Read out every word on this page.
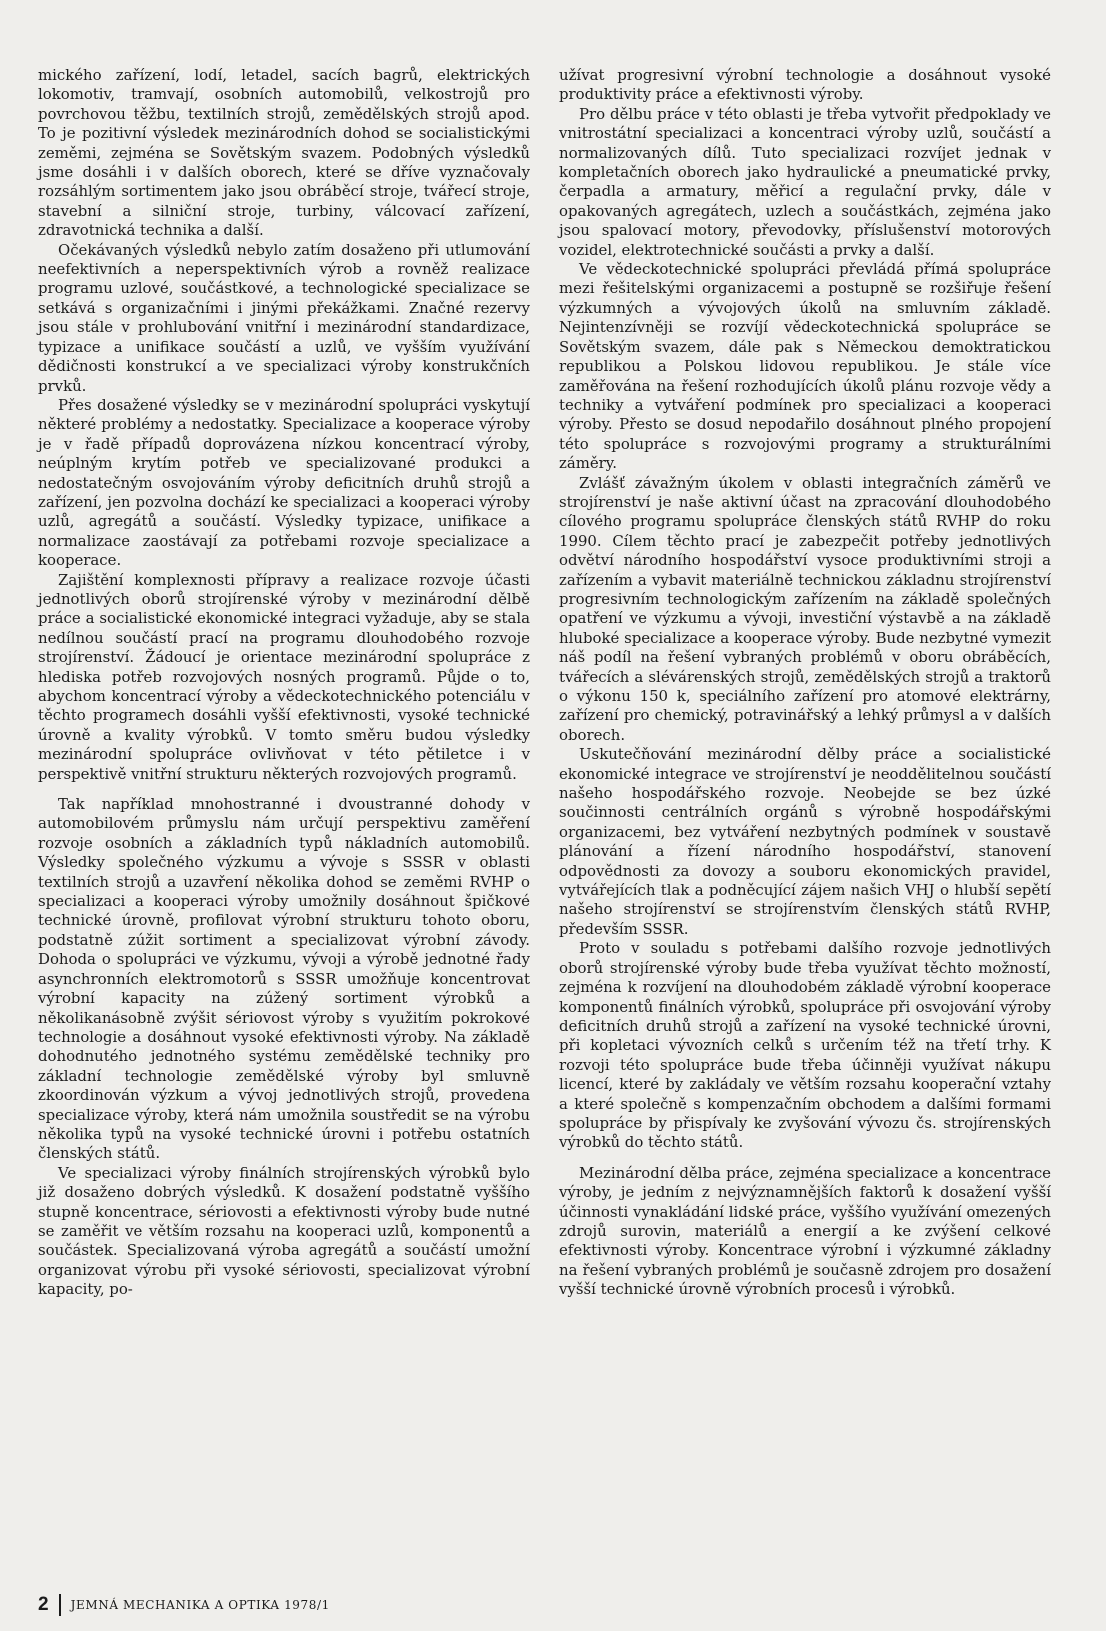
mického zařízení, lodí, letadel, sacích bagrů, elektrických lokomotiv, tramvají, osobních automobilů, velkostrojů pro povrchovou těžbu, textilních strojů, zemědělských strojů apod. To je pozitivní výsledek mezinárodních dohod se socialistickými zeměmi, zejména se Sovětským svazem. Podobných výsledků jsme dosáhli i v dalších oborech, které se dříve vyznačovaly rozsáhlým sortimentem jako jsou obráběcí stroje, tvářecí stroje, stavební a silniční stroje, turbiny, válcovací zařízení, zdravotnická technika a další.

Očekávaných výsledků nebylo zatím dosaženo při utlumování neefektivních a neperspektivních výrob a rovněž realizace programu uzlové, součástkové, a technologické specializace se setkává s organizačními i jinými překážkami. Značné rezervy jsou stále v prohlubování vnitřní i mezinárodní standardizace, typizace a unifikace součástí a uzlů, ve vyšším využívání dědičnosti konstrukcí a ve specializaci výroby konstrukčních prvků.

Přes dosažené výsledky se v mezinárodní spolupráci vyskytují některé problémy a nedostatky. Specializace a kooperace výroby je v řadě případů doprovázena nízkou koncentrací výroby, neúplným krytím potřeb ve specializované produkci a nedostatečným osvojováním výroby deficitních druhů strojů a zařízení, jen pozvolna dochází ke specializaci a kooperaci výroby uzlů, agregátů a součástí. Výsledky typizace, unifikace a normalizace zaostávají za potřebami rozvoje specializace a kooperace.

Zajištění komplexnosti přípravy a realizace rozvoje účasti jednotlivých oborů strojírenské výroby v mezinárodní dělbě práce a socialistické ekonomické integraci vyžaduje, aby se stala nedílnou součástí prací na programu dlouhodobého rozvoje strojírenství. Žádoucí je orientace mezinárodní spolupráce z hlediska potřeb rozvojových nosných programů. Půjde o to, abychom koncentrací výroby a vědeckotechnického potenciálu v těchto programech dosáhli vyšší efektivnosti, vysoké technické úrovně a kvality výrobků. V tomto směru budou výsledky mezinárodní spolupráce ovlivňovat v této pětiletce i v perspektivě vnitřní strukturu některých rozvojových programů.

Tak například mnohostranné i dvoustranné dohody v automobilovém průmyslu nám určují perspektivu zaměření rozvoje osobních a základních typů nákladních automobilů. Výsledky společného výzkumu a vývoje s SSSR v oblasti textilních strojů a uzavření několika dohod se zeměmi RVHP o specializaci a kooperaci výroby umožnily dosáhnout špičkové technické úrovně, profilovat výrobní strukturu tohoto oboru, podstatně zúžit sortiment a specializovat výrobní závody. Dohoda o spolupráci ve výzkumu, vývoji a výrobě jednotné řady asynchronních elektromotorů s SSSR umožňuje koncentrovat výrobní kapacity na zúžený sortiment výrobků a několikanásobně zvýšit sériovost výroby s využitím pokrokové technologie a dosáhnout vysoké efektivnosti výroby. Na základě dohodnutého jednotného systému zemědělské techniky pro základní technologie zemědělské výroby byl smluvně zkoordinován výzkum a vývoj jednotlivých strojů, provedena specializace výroby, která nám umožnila soustředit se na výrobu několika typů na vysoké technické úrovni i potřebu ostatních členských států.

Ve specializaci výroby finálních strojírenských výrobků bylo již dosaženo dobrých výsledků. K dosažení podstatně vyššího stupně koncentrace, sériovosti a efektivnosti výroby bude nutné se zaměřit ve větším rozsahu na kooperaci uzlů, komponentů a součástek. Specializovaná výroba agregátů a součástí umožní organizovat výrobu při vysoké sériovosti, specializovat výrobní kapacity, po-

užívat progresivní výrobní technologie a dosáhnout vysoké produktivity práce a efektivnosti výroby.

Pro dělbu práce v této oblasti je třeba vytvořit předpoklady ve vnitrostátní specializaci a koncentraci výroby uzlů, součástí a normalizovaných dílů. Tuto specializaci rozvíjet jednak v kompletačních oborech jako hydraulické a pneumatické prvky, čerpadla a armatury, měřicí a regulační prvky, dále v opakovaných agregátech, uzlech a součástkách, zejména jako jsou spalovací motory, převodovky, příslušenství motorových vozidel, elektrotechnické součásti a prvky a další.

Ve vědeckotechnické spolupráci převládá přímá spolupráce mezi řešitelskými organizacemi a postupně se rozšiřuje řešení výzkumných a vývojových úkolů na smluvním základě. Nejintenzívněji se rozvíjí vědeckotechnická spolupráce se Sovětským svazem, dále pak s Německou demoktratickou republikou a Polskou lidovou republikou. Je stále více zaměřována na řešení rozhodujících úkolů plánu rozvoje vědy a techniky a vytváření podmínek pro specializaci a kooperaci výroby. Přesto se dosud nepodařilo dosáhnout plného propojení této spolupráce s rozvojovými programy a strukturálními záměry.

Zvlášť závažným úkolem v oblasti integračních záměrů ve strojírenství je naše aktivní účast na zpracování dlouhodobého cílového programu spolupráce členských států RVHP do roku 1990. Cílem těchto prací je zabezpečit potřeby jednotlivých odvětví národního hospodářství vysoce produktivními stroji a zařízením a vybavit materiálně technickou základnu strojírenství progresivním technologickým zařízením na základě společných opatření ve výzkumu a vývoji, investiční výstavbě a na základě hluboké specializace a kooperace výroby. Bude nezbytné vymezit náš podíl na řešení vybraných problémů v oboru obráběcích, tvářecích a slévárenských strojů, zemědělských strojů a traktorů o výkonu 150 k, speciálního zařízení pro atomové elektrárny, zařízení pro chemický, potravinářský a lehký průmysl a v dalších oborech.

Uskutečňování mezinárodní dělby práce a socialistické ekonomické integrace ve strojírenství je neoddělitelnou součástí našeho hospodářského rozvoje. Neobejde se bez úzké součinnosti centrálních orgánů s výrobně hospodářskými organizacemi, bez vytváření nezbytných podmínek v soustavě plánování a řízení národního hospodářství, stanovení odpovědnosti za dovozy a souboru ekonomických pravidel, vytvářejících tlak a podněcující zájem našich VHJ o hlubší sepětí našeho strojírenství se strojírenstvím členských států RVHP, především SSSR.

Proto v souladu s potřebami dalšího rozvoje jednotlivých oborů strojírenské výroby bude třeba využívat těchto možností, zejména k rozvíjení na dlouhodobém základě výrobní kooperace komponentů finálních výrobků, spolupráce při osvojování výroby deficitních druhů strojů a zařízení na vysoké technické úrovni, při kopletaci vývozních celků s určením též na třetí trhy. K rozvoji této spolupráce bude třeba účinněji využívat nákupu licencí, které by zakládaly ve větším rozsahu kooperační vztahy a které společně s kompenzačním obchodem a dalšími formami spolupráce by přispívaly ke zvyšování vývozu čs. strojírenských výrobků do těchto států.

Mezinárodní dělba práce, zejména specializace a koncentrace výroby, je jedním z nejvýznamnějších faktorů k dosažení vyšší účinnosti vynakládání lidské práce, vyššího využívání omezených zdrojů surovin, materiálů a energií a ke zvýšení celkové efektivnosti výroby. Koncentrace výrobní i výzkumné základny na řešení vybraných problémů je současně zdrojem pro dosažení vyšší technické úrovně výrobních procesů i výrobků.

2 JEMNÁ MECHANIKA A OPTIKA 1978/1
